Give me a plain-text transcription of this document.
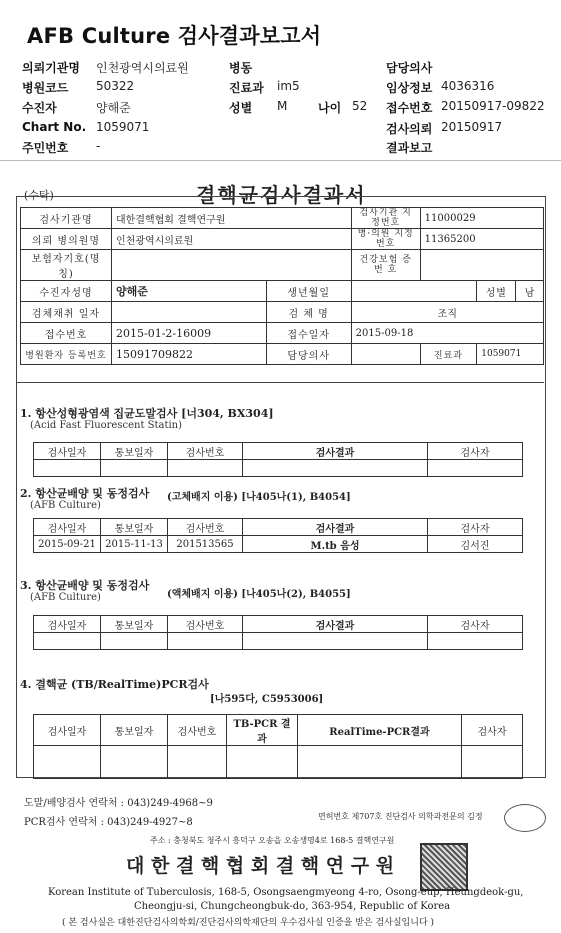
AFB Culture 검사결과보고서
의뢰기관명 인천광역시의료원	병동	담당의사
병원코드 50322	진료과 im5	임상정보 4036316
수진자	양해준	성별 M	나이 52 접수번호 20150917-09822
Chart No. 1059071	검사의뢰 20150917
주민번호 -	결과보고
(수탁)	결핵균검사결과서
검사기관명	대한결핵협회 결핵연구원		검사기관 지정번호	11000029		
의뢰 병의원명	인천광역시의료원		병·의원 지정번호	11365200		
보험자기호(명칭)			건강보험 증 번 호			
수진자성명	양해준	생년월일			성별	남
검체채취 일자		검 체 명	조직			
접수번호	2015-01-2-16009	접수일자	2015-09-18			
병원환자 등록번호	15091709822	담당의사		진료과	1059071	
1. 항산성형광염색 집균도말검사 [너304, BX304]
(Acid Fast Fluorescent Statin)
검사일자	통보일자	검사번호	검사결과	검사자

2. 항산균배양 및 동정검사 (고체배지 이용) [나405나(1), B4054]
(AFB Culture)
검사일자	통보일자	검사번호	검사결과	검사자
2015-09-21	2015-11-13	201513565	M.tb 음성	김서진
3. 항산균배양 및 동정검사
(액체배지 이용) [나405나(2), B4055]
(AFB Culture)
검사일자	통보일자	검사번호	검사결과	검사자

4. 결핵균 (TB/RealTime)PCR검사
[나595다, C5953006]
검사일자	통보일자	검사번호	TB-PCR 결과	RealTime-PCR결과	검사자

도말/배양검사 연락처 : 043)249-4968~9
PCR검사 연락처 : 043)249-4927~8
면허번호 제707호 진단검사 의학과전문의 김정
주소 : 충청북도 청주시 흥덕구 오송읍 오송생명4로 168-5 결핵연구원
대 한 결 핵 협 회 결 핵 연 구 원
Korean Institute of Tuberculosis, 168-5, Osongsaengmyeong 4-ro, Osong-eup, Heungdeok-gu,
Cheongju-si, Chungcheongbuk-do, 363-954, Republic of Korea
( 본 검사실은 대한진단검사의학회/진단검사의학재단의 우수검사실 인증을 받은 검사실입니다 )
